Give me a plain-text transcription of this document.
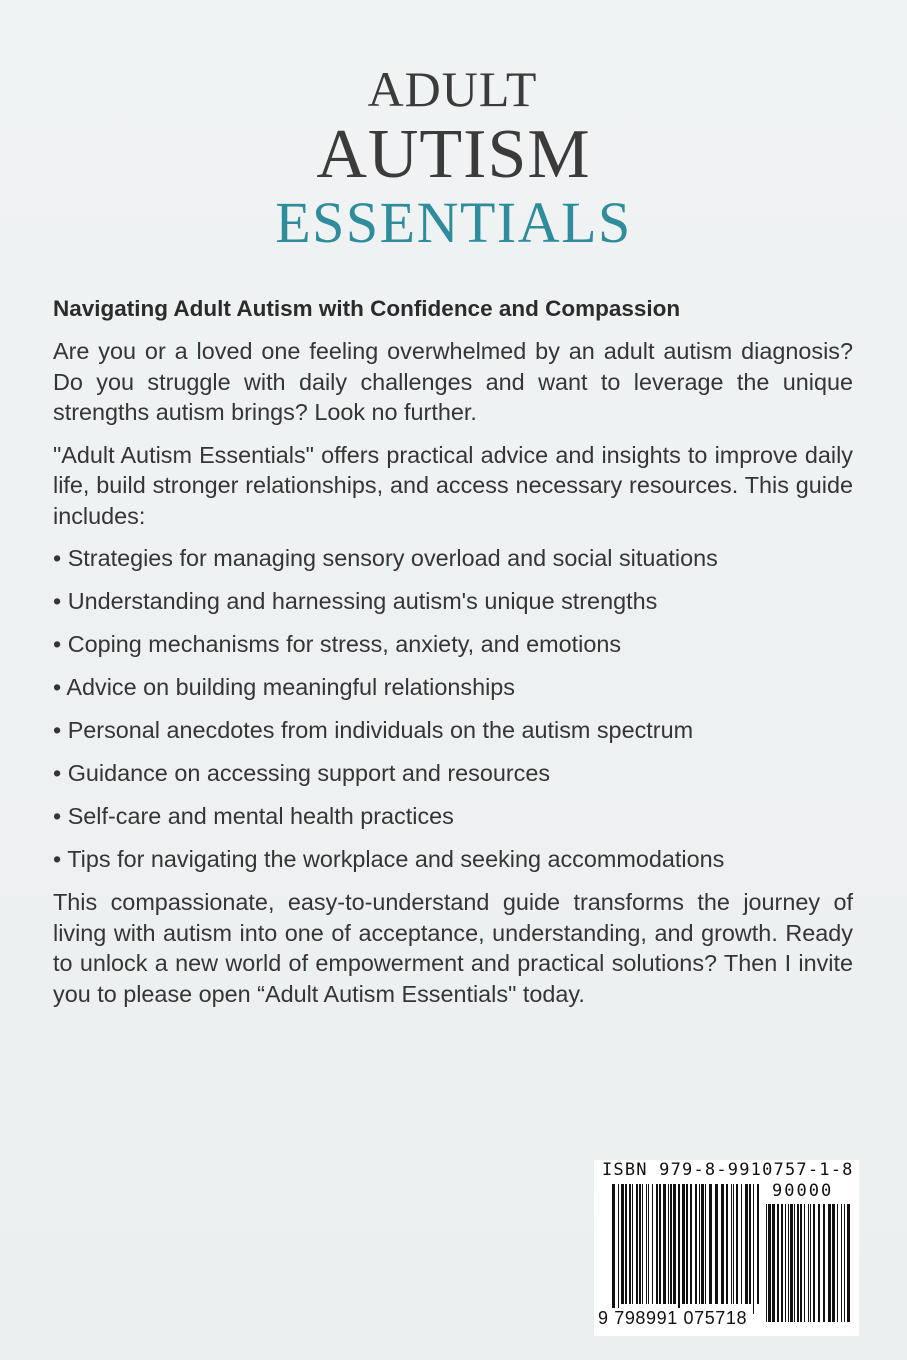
ADULT
AUTISM
ESSENTIALS

Navigating Adult Autism with Confidence and Compassion

Are you or a loved one feeling overwhelmed by an adult autism diagnosis? Do you struggle with daily challenges and want to leverage the unique strengths autism brings? Look no further.

"Adult Autism Essentials" offers practical advice and insights to improve daily life, build stronger relationships, and access necessary resources. This guide includes:

• Strategies for managing sensory overload and social situations
• Understanding and harnessing autism's unique strengths
• Coping mechanisms for stress, anxiety, and emotions
• Advice on building meaningful relationships
• Personal anecdotes from individuals on the autism spectrum
• Guidance on accessing support and resources
• Self-care and mental health practices
• Tips for navigating the workplace and seeking accommodations

This compassionate, easy-to-understand guide transforms the journey of living with autism into one of acceptance, understanding, and growth. Ready to unlock a new world of empowerment and practical solutions? Then I invite you to please open “Adult Autism Essentials" today.

ISBN 979-8-9910757-1-8
90000
9 798991 075718
